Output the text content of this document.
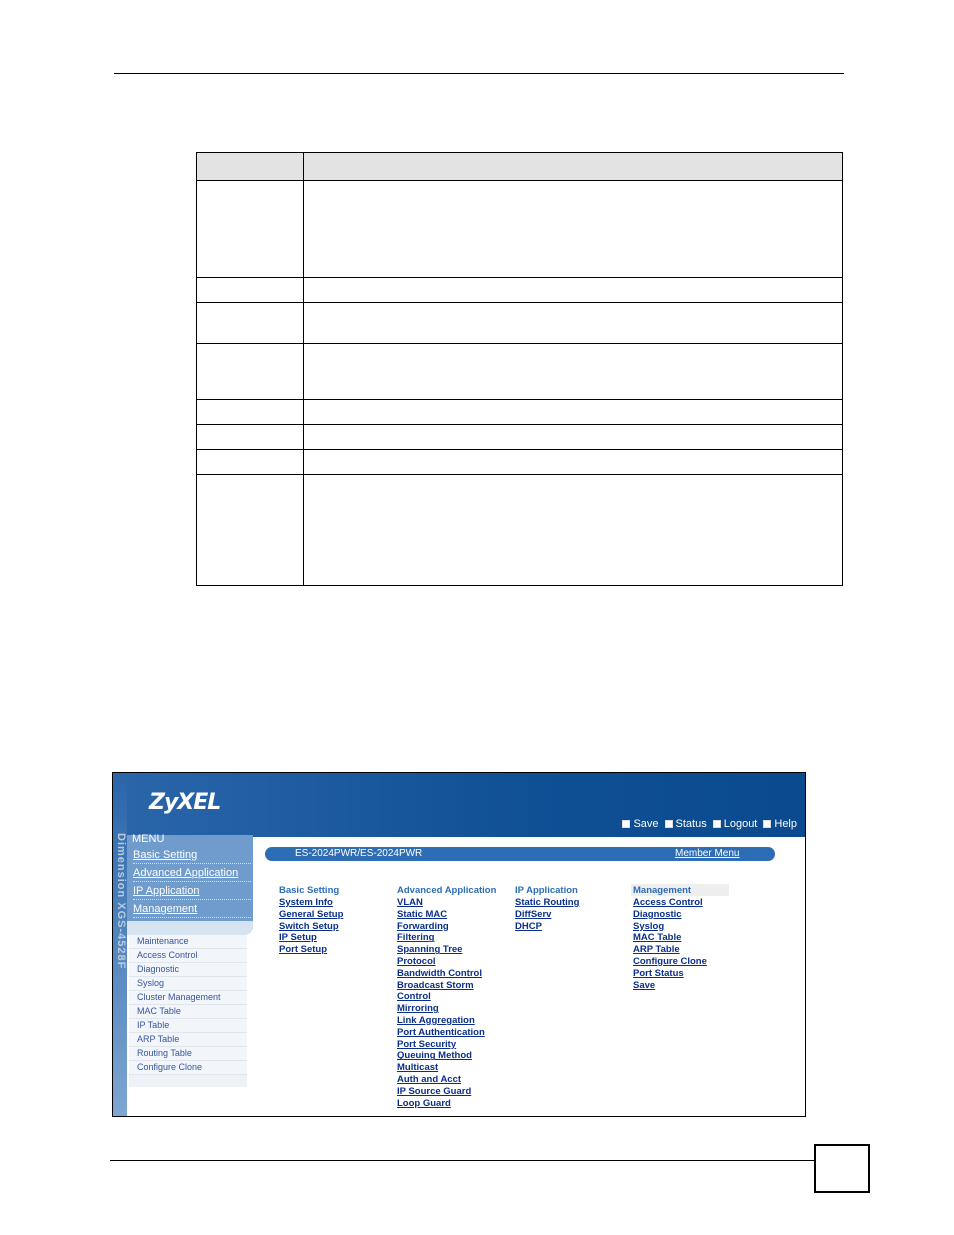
ZyXEL
Save Status Logout Help
Dimension XGS-4528F MENU
Basic Setting
Advanced Application
IP Application
Management
Maintenance
Access Control
Diagnostic
Syslog
Cluster Management
MAC Table
IP Table
ARP Table
Routing Table
Configure Clone
ES-2024PWR/ES-2024PWR	Member Menu
Basic Setting
System Info
General Setup
Switch Setup
IP Setup
Port Setup
Advanced Application
VLAN
Static MAC
Forwarding
Filtering
Spanning Tree
Protocol
Bandwidth Control
Broadcast Storm
Control
Mirroring
Link Aggregation
Port Authentication
Port Security
Queuing Method
Multicast
Auth and Acct
IP Source Guard
Loop Guard
IP Application
Static Routing
DiffServ
DHCP
Management
Access Control
Diagnostic
Syslog
MAC Table
ARP Table
Configure Clone
Port Status
Save
